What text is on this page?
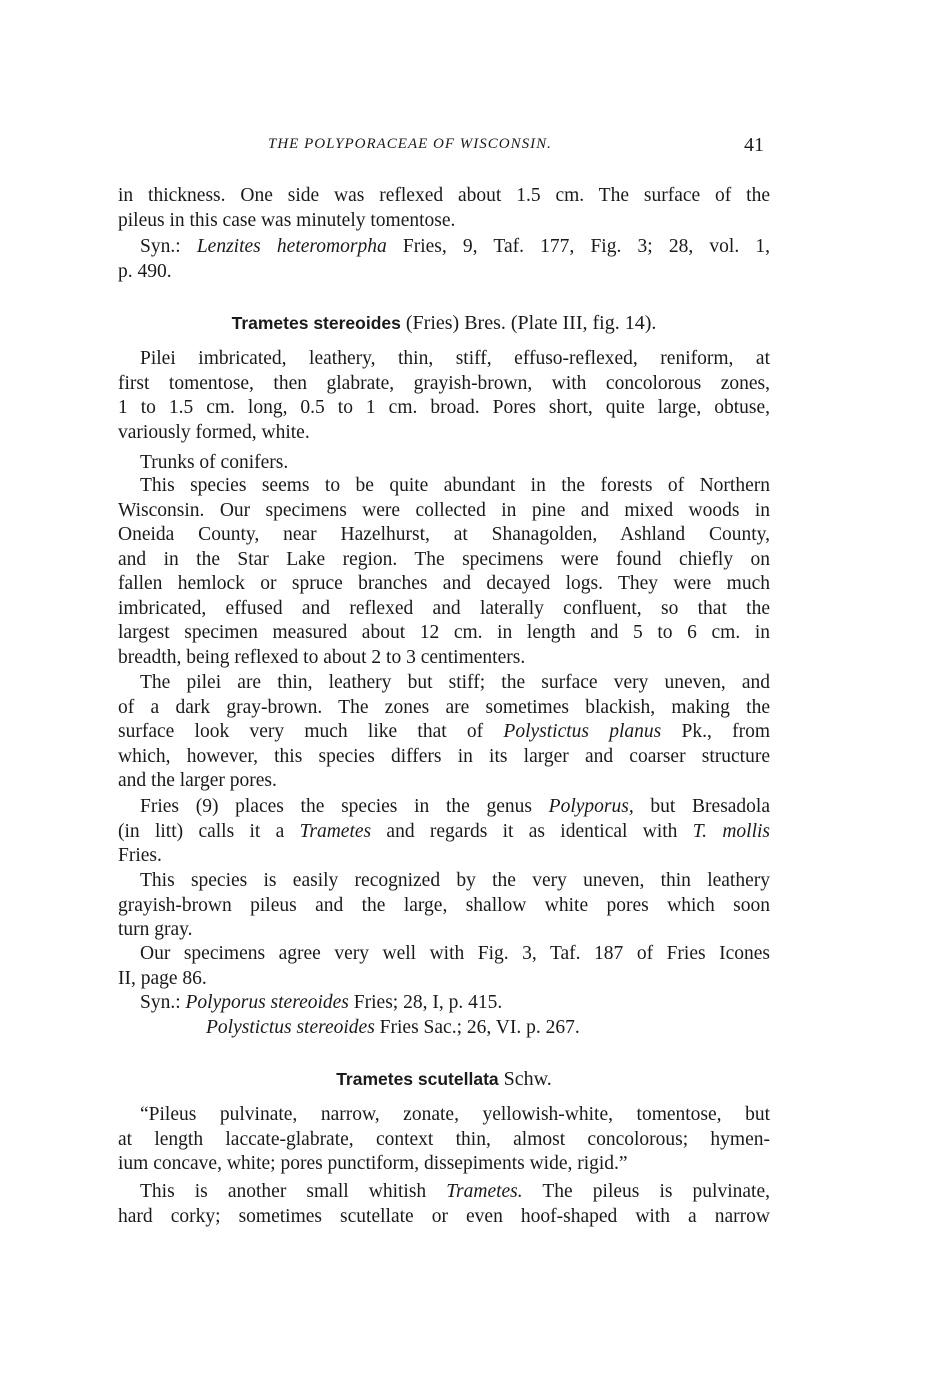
THE POLYPORACEAE OF WISCONSIN.	41
in thickness. One side was reflexed about 1.5 cm. The surface of the
pileus in this case was minutely tomentose.
Syn.: Lenzites heteromorpha Fries, 9, Taf. 177, Fig. 3; 28, vol. 1,
p. 490.
Trametes stereoides (Fries) Bres. (Plate III, fig. 14).
Pilei imbricated, leathery, thin, stiff, effuso-reflexed, reniform, at
first tomentose, then glabrate, grayish-brown, with concolorous zones,
1 to 1.5 cm. long, 0.5 to 1 cm. broad. Pores short, quite large, obtuse,
variously formed, white.
Trunks of conifers.
This species seems to be quite abundant in the forests of Northern
Wisconsin. Our specimens were collected in pine and mixed woods in
Oneida County, near Hazelhurst, at Shanagolden, Ashland County,
and in the Star Lake region. The specimens were found chiefly on
fallen hemlock or spruce branches and decayed logs. They were much
imbricated, effused and reflexed and laterally confluent, so that the
largest specimen measured about 12 cm. in length and 5 to 6 cm. in
breadth, being reflexed to about 2 to 3 centimenters.
The pilei are thin, leathery but stiff; the surface very uneven, and
of a dark gray-brown. The zones are sometimes blackish, making the
surface look very much like that of Polystictus planus Pk., from
which, however, this species differs in its larger and coarser structure
and the larger pores.
Fries (9) places the species in the genus Polyporus, but Bresadola
(in litt) calls it a Trametes and regards it as identical with T. mollis
Fries.
This species is easily recognized by the very uneven, thin leathery
grayish-brown pileus and the large, shallow white pores which soon
turn gray.
Our specimens agree very well with Fig. 3, Taf. 187 of Fries Icones
II, page 86.
Syn.: Polyporus stereoides Fries; 28, I, p. 415.
Polystictus stereoides Fries Sac.; 26, VI. p. 267.
Trametes scutellata Schw.
“Pileus pulvinate, narrow, zonate, yellowish-white, tomentose, but
at length laccate-glabrate, context thin, almost concolorous; hymen-
ium concave, white; pores punctiform, dissepiments wide, rigid.”
This is another small whitish Trametes. The pileus is pulvinate,
hard corky; sometimes scutellate or even hoof-shaped with a narrow
